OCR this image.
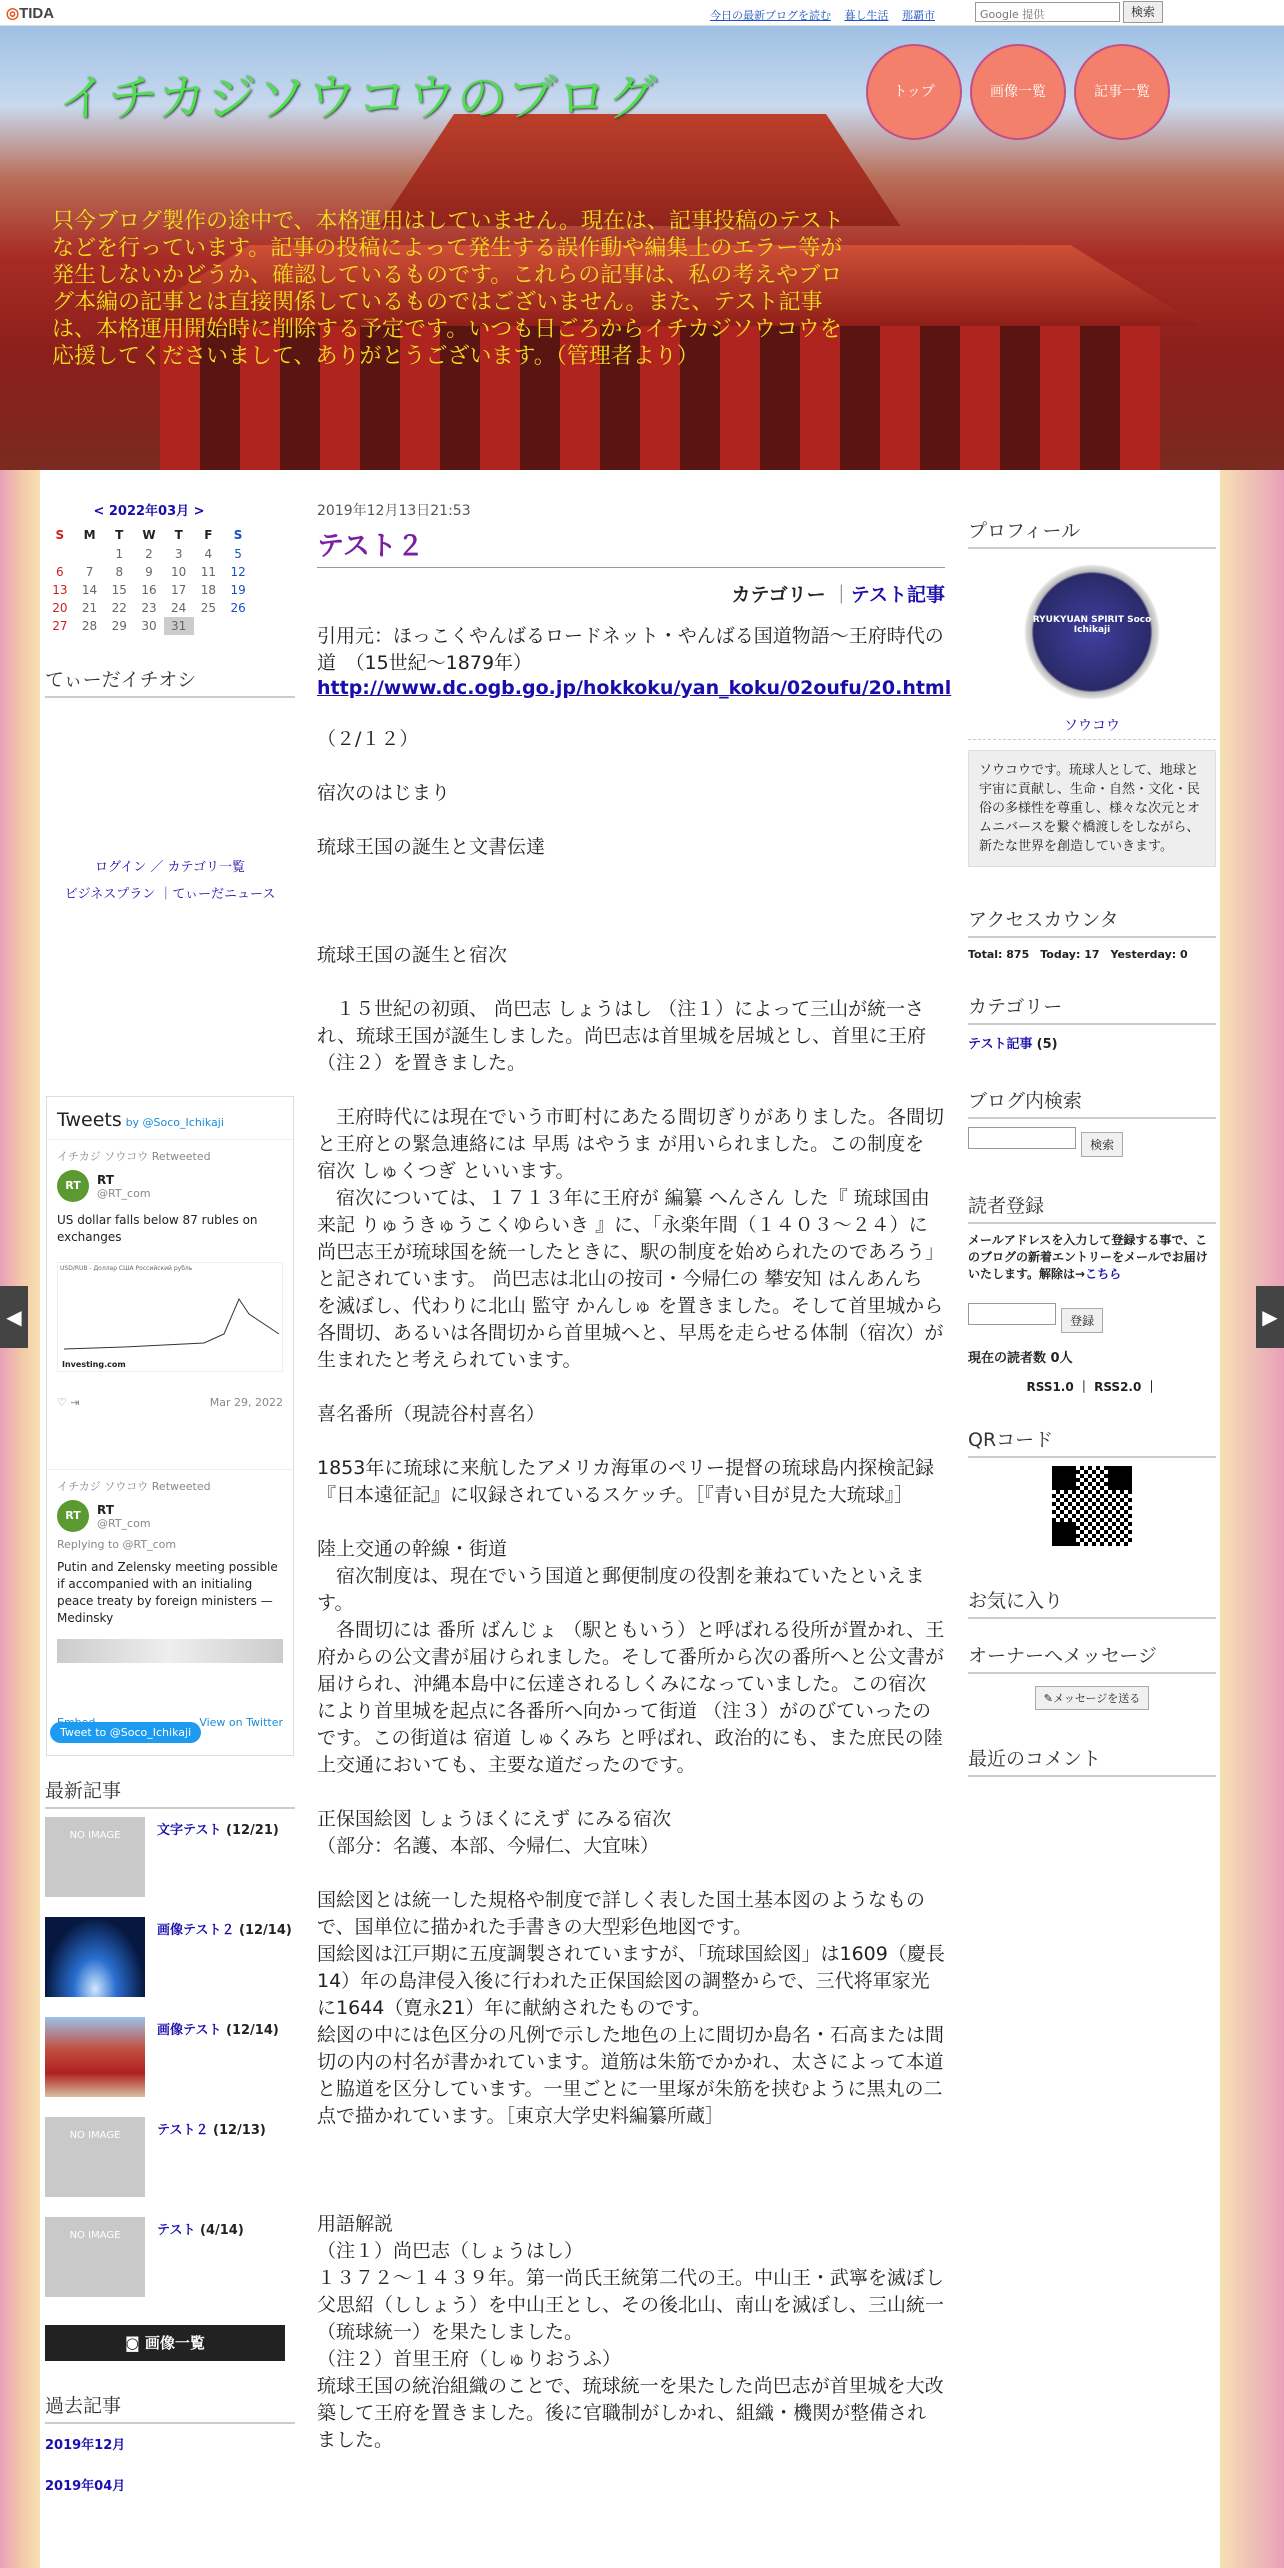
◎TIDA	今日の最新ブログを読む 暮し生活 那覇市	Google 提供	検索
イチカジソウコウのブログ
只今ブログ製作の途中で、本格運用はしていません。現在は、記事投稿のテストなどを行っています。記事の投稿によって発生する誤作動や編集上のエラー等が発生しないかどうか、確認しているものです。これらの記事は、私の考えやブログ本編の記事とは直接関係しているものではございません。また、テスト記事は、本格運用開始時に削除する予定です。いつも日ごろからイチカジソウコウを応援してくださいまして、ありがとうございます。（管理者より）
トップ	画像一覧	記事一覧
◀	▶
< 2022年03月 >
S	M	T	W	T	F	S
		1	2	3	4	5
6	7	8	9	10	11	12
13	14	15	16	17	18	19
20	21	22	23	24	25	26
27	28	29	30	31		
てぃーだイチオシ
ログイン ／ カテゴリ一覧
ビジネスプラン ｜てぃーだニュース
Tweets by @Soco_Ichikaji
イチカジ ソウコウ Retweeted
RT	RT
@RT_com
US dollar falls below 87 rubles on exchanges
USD/RUB - Доллар США Российский рубль
Investing.com
♡ ⇥	Mar 29, 2022
イチカジ ソウコウ Retweeted
RT	RT
@RT_com
Replying to @RT_com
Putin and Zelensky meeting possible if accompanied with an initialing peace treaty by foreign ministers — Medinsky
View on Twitter
Tweet to @Soco_Ichikaji
最新記事
NO IMAGE	文字テスト (12/21)
画像テスト２ (12/14)
画像テスト (12/14)
NO IMAGE	テスト２ (12/13)
NO IMAGE	テスト (4/14)
◙ 画像一覧
過去記事
2019年12月
2019年04月
2019年12月13日21:53
テスト２
カテゴリー ｜テスト記事
引用元：ほっこくやんばるロードネット・やんばる国道物語～王府時代の道　（15世紀～1879年）
http://www.dc.ogb.go.jp/hokkoku/yan_koku/02oufu/20.html

（２/１２）

宿次のはじまり

琉球王国の誕生と文書伝達

琉球王国の誕生と宿次

　１５世紀の初頭、 尚巴志 しょうはし （注１）によって三山が統一され、琉球王国が誕生しました。尚巴志は首里城を居城とし、首里に王府 （注２）を置きました。

　王府時代には現在でいう市町村にあたる間切ぎりがありました。各間切と王府との緊急連絡には 早馬 はやうま が用いられました。この制度を 宿次 しゅくつぎ といいます。
　宿次については、１７１３年に王府が 編纂 へんさん した『 琉球国由来記 りゅうきゅうこくゆらいき 』に、「永楽年間（１４０３～２４）に尚巴志王が琉球国を統一したときに、駅の制度を始められたのであろう」と記されています。 尚巴志は北山の按司・今帰仁の 攀安知 はんあんち を滅ぼし、代わりに北山 監守 かんしゅ を置きました。そして首里城から各間切、あるいは各間切から首里城へと、早馬を走らせる体制（宿次）が生まれたと考えられています。

喜名番所（現読谷村喜名）

1853年に琉球に来航したアメリカ海軍のペリー提督の琉球島内探検記録『日本遠征記』に収録されているスケッチ。［『青い目が見た大琉球』］

陸上交通の幹線・街道
　宿次制度は、現在でいう国道と郵便制度の役割を兼ねていたといえます。
　各間切には 番所 ばんじょ （駅ともいう）と呼ばれる役所が置かれ、王府からの公文書が届けられました。そして番所から次の番所へと公文書が届けられ、沖縄本島中に伝達されるしくみになっていました。この宿次により首里城を起点に各番所へ向かって街道 （注３）がのびていったのです。この街道は 宿道 しゅくみち と呼ばれ、政治的にも、また庶民の陸上交通においても、主要な道だったのです。

正保国絵図 しょうほくにえず にみる宿次
（部分：名護、本部、今帰仁、大宜味）

国絵図とは統一した規格や制度で詳しく表した国土基本図のようなもので、国単位に描かれた手書きの大型彩色地図です。
国絵図は江戸期に五度調製されていますが、「琉球国絵図」は1609（慶長14）年の島津侵入後に行われた正保国絵図の調整からで、三代将軍家光に1644（寛永21）年に献納されたものです。
絵図の中には色区分の凡例で示した地色の上に間切か島名・石高または間切の内の村名が書かれています。道筋は朱筋でかかれ、太さによって本道と脇道を区分しています。一里ごとに一里塚が朱筋を挟むように黒丸の二点で描かれています。［東京大学史料編纂所蔵］

用語解説
（注１）尚巴志（しょうはし）
１３７２～１４３９年。第一尚氏王統第二代の王。中山王・武寧を滅ぼし父思紹（ししょう）を中山王とし、その後北山、南山を滅ぼし、三山統一（琉球統一）を果たしました。
（注２）首里王府（しゅりおうふ）
琉球王国の統治組織のことで、琉球統一を果たした尚巴志が首里城を大改築して王府を置きました。後に官職制がしかれ、組織・機関が整備されました。
プロフィール
RYUKYUAN SPIRIT Soco Ichikaji
ソウコウ
ソウコウです。琉球人として、地球と宇宙に貢献し、生命・自然・文化・民俗の多様性を尊重し、様々な次元とオムニバースを繋ぐ橋渡しをしながら、新たな世界を創造していきます。
アクセスカウンタ
Total: 875　Today: 17　Yesterday: 0
カテゴリー
テスト記事 (5)
ブログ内検索
検索
読者登録
メールアドレスを入力して登録する事で、このブログの新着エントリーをメールでお届けいたします。解除は→こちら
登録
現在の読者数 0人
RSS1.0 ｜ RSS2.0 ｜
QRコード
お気に入り
オーナーへメッセージ
✎メッセージを送る
最近のコメント
